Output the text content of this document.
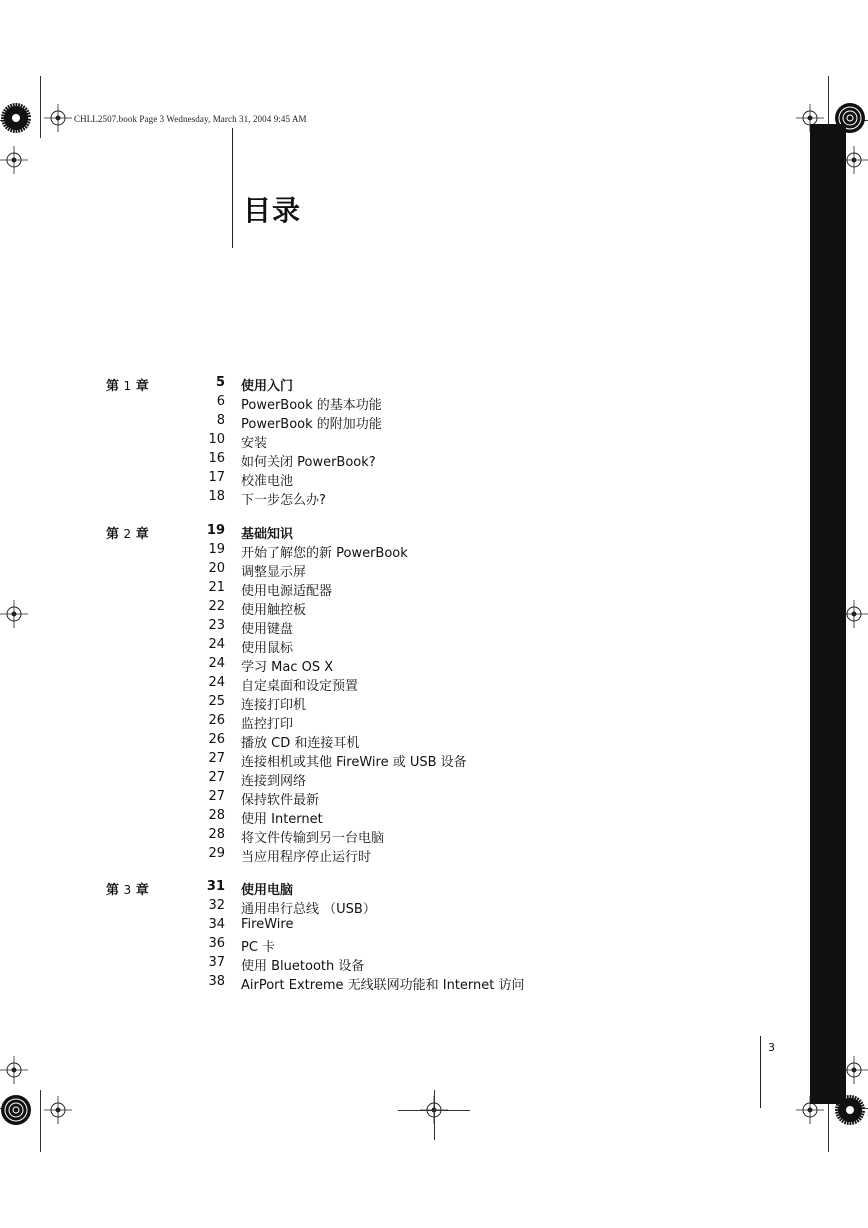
CHLL2507.book Page 3 Wednesday, March 31, 2004 9:45 AM
目录
第 1 章	5 使用入门
6 PowerBook 的基本功能
8 PowerBook 的附加功能
10 安装
16 如何关闭 PowerBook?
17 校准电池
18 下一步怎么办?
第 2 章	19 基础知识
19 开始了解您的新 PowerBook
20 调整显示屏
21 使用电源适配器
22 使用触控板
23 使用键盘
24 使用鼠标
24 学习 Mac OS X
24 自定桌面和设定预置
25 连接打印机
26 监控打印
26 播放 CD 和连接耳机
27 连接相机或其他 FireWire 或 USB 设备
27 连接到网络
27 保持软件最新
28 使用 Internet
28 将文件传输到另一台电脑
29 当应用程序停止运行时
第 3 章	31 使用电脑
32 通用串行总线 （USB）
34 FireWire
36 PC 卡
37 使用 Bluetooth 设备
38 AirPort Extreme 无线联网功能和 Internet 访问
3
